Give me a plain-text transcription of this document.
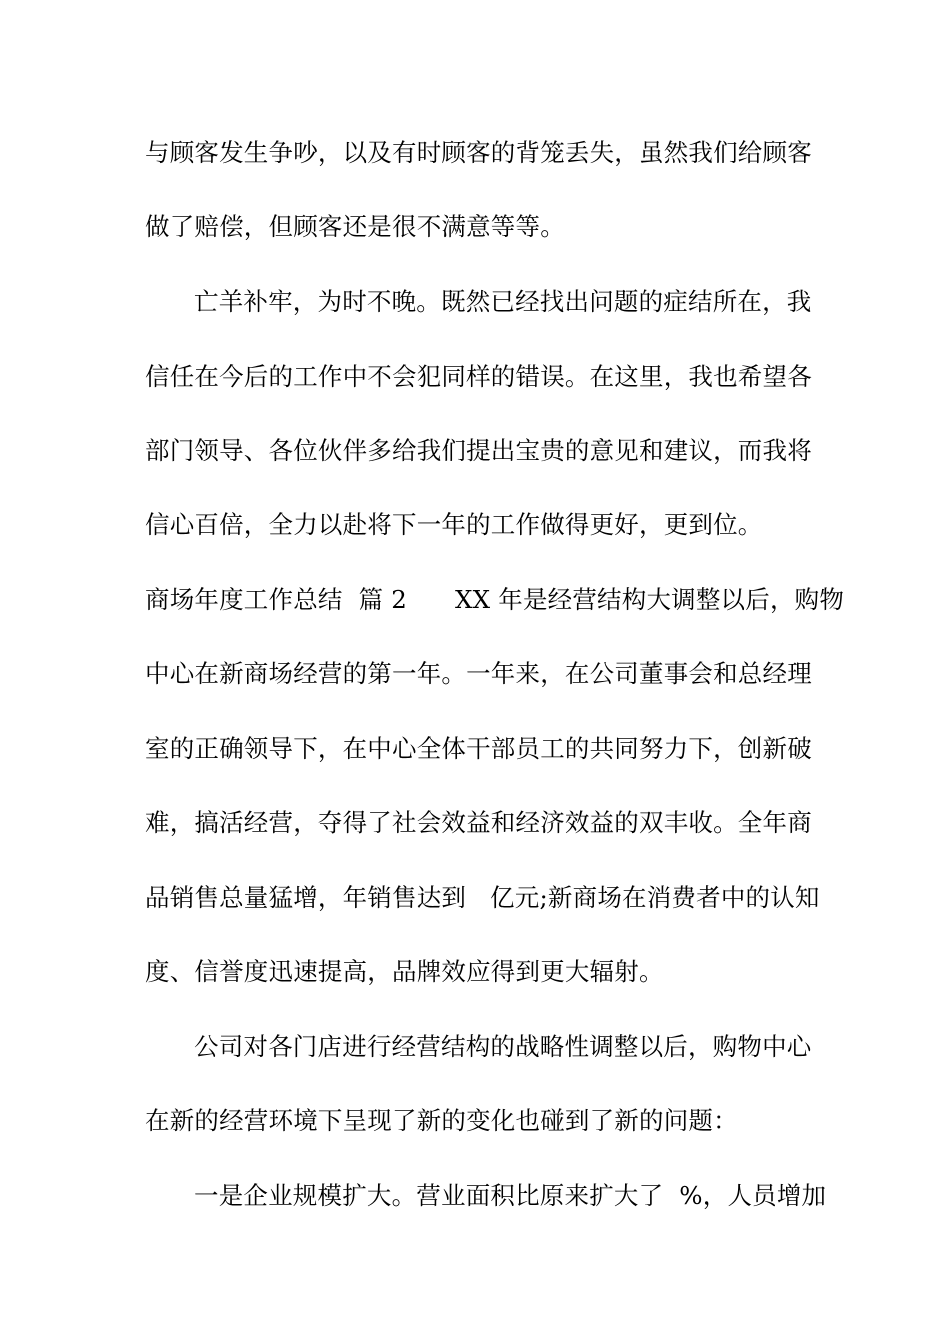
与顾客发生争吵，以及有时顾客的背笼丢失，虽然我们给顾客
做了赔偿，但顾客还是很不满意等等。
亡羊补牢，为时不晚。既然已经找出问题的症结所在，我
信任在今后的工作中不会犯同样的错误。在这里，我也希望各
部门领导、各位伙伴多给我们提出宝贵的意见和建议，而我将
信心百倍，全力以赴将下一年的工作做得更好，更到位。
商场年度工作总结  篇 2      XX 年是经营结构大调整以后，购物
中心在新商场经营的第一年。一年来，在公司董事会和总经理
室的正确领导下，在中心全体干部员工的共同努力下，创新破
难，搞活经营，夺得了社会效益和经济效益的双丰收。全年商
品销售总量猛增，年销售达到   亿元;新商场在消费者中的认知
度、信誉度迅速提高，品牌效应得到更大辐射。
公司对各门店进行经营结构的战略性调整以后，购物中心
在新的经营环境下呈现了新的变化也碰到了新的问题：
一是企业规模扩大。营业面积比原来扩大了  %，人员增加
